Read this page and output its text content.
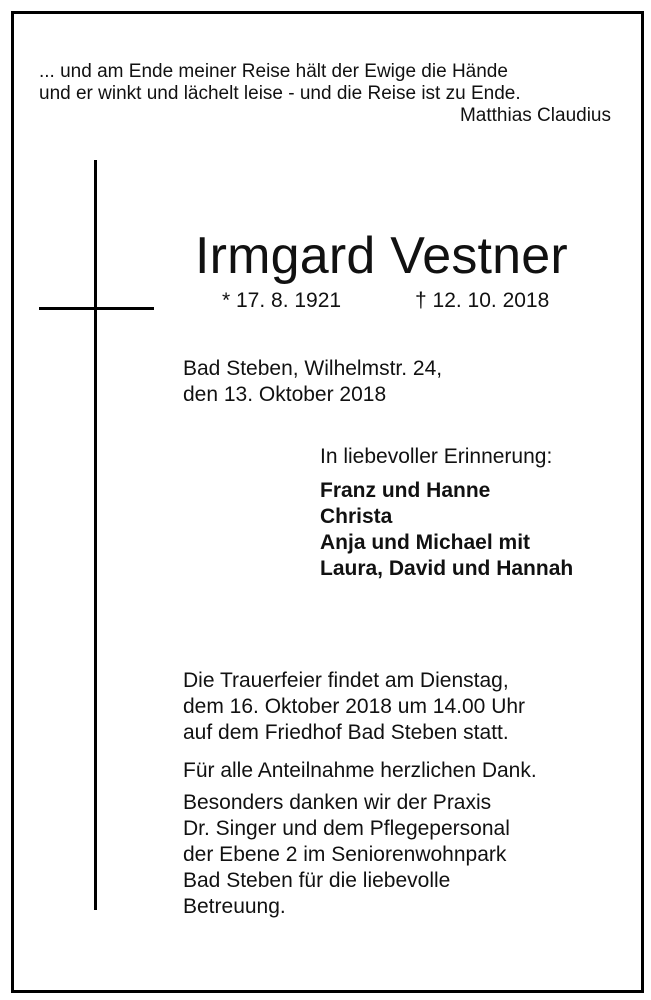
... und am Ende meiner Reise hält der Ewige die Hände
und er winkt und lächelt leise - und die Reise ist zu Ende.
Matthias Claudius
Irmgard Vestner
* 17. 8. 1921	† 12. 10. 2018
Bad Steben, Wilhelmstr. 24,
den 13. Oktober 2018
In liebevoller Erinnerung:
Franz und Hanne
Christa
Anja und Michael mit
Laura, David und Hannah
Die Trauerfeier findet am Dienstag,
dem 16. Oktober 2018 um 14.00 Uhr
auf dem Friedhof Bad Steben statt.
Für alle Anteilnahme herzlichen Dank.
Besonders danken wir der Praxis
Dr. Singer und dem Pflegepersonal
der Ebene 2 im Seniorenwohnpark
Bad Steben für die liebevolle
Betreuung.
